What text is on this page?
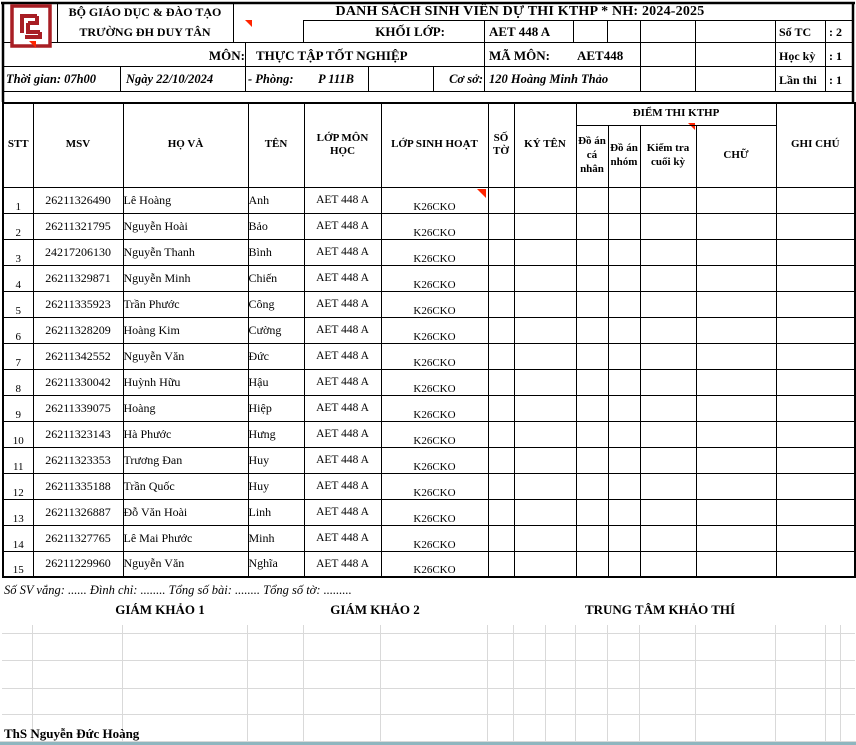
BỘ GIÁO DỤC & ĐÀO TẠO
TRƯỜNG ĐH DUY TÂN
DANH SÁCH SINH VIÊN DỰ THI KTHP * NH: 2024-2025
KHỐI LỚP:	AET 448 A	Số TC : 2
MÔN: THỰC TẬP TỐT NGHIỆP	MÃ MÔN: AET448	Học kỳ : 1
Thời gian: 07h00 Ngày 22/10/2024	- Phòng: P 111B	Cơ sở: 120 Hoàng Minh Thảo	Lần thi : 1
STT	MSV	HỌ VÀ	TÊN	LỚP MÔN HỌC	LỚP SINH HOẠT	SỐ TỜ	KÝ TÊN	ĐIỂM THI KTHP				GHI CHÚ
								Đồ án cá nhân	Đồ án nhóm	Kiểm tra cuối kỳ	CHỮ	
1	26211326490	Lê Hoàng	Anh	AET 448 A	K26CKO							
2	26211321795	Nguyễn Hoài	Bảo	AET 448 A	K26CKO							
3	24217206130	Nguyễn Thanh	Bình	AET 448 A	K26CKO							
4	26211329871	Nguyễn Minh	Chiến	AET 448 A	K26CKO							
5	26211335923	Trần Phước	Công	AET 448 A	K26CKO							
6	26211328209	Hoàng Kim	Cường	AET 448 A	K26CKO							
7	26211342552	Nguyễn Văn	Đức	AET 448 A	K26CKO							
8	26211330042	Huỳnh Hữu	Hậu	AET 448 A	K26CKO							
9	26211339075	Hoàng	Hiệp	AET 448 A	K26CKO							
10	26211323143	Hà Phước	Hưng	AET 448 A	K26CKO							
11	26211323353	Trương Đan	Huy	AET 448 A	K26CKO							
12	26211335188	Trần Quốc	Huy	AET 448 A	K26CKO							
13	26211326887	Đỗ Văn Hoài	Linh	AET 448 A	K26CKO							
14	26211327765	Lê Mai Phước	Minh	AET 448 A	K26CKO							
15	26211229960	Nguyễn Văn	Nghĩa	AET 448 A	K26CKO							
Số SV vắng: ...... Đình chỉ: ........ Tổng số bài: ........ Tổng số tờ: .........
GIÁM KHẢO 1	GIÁM KHẢO 2	TRUNG TÂM KHẢO THÍ
ThS Nguyễn Đức Hoàng
